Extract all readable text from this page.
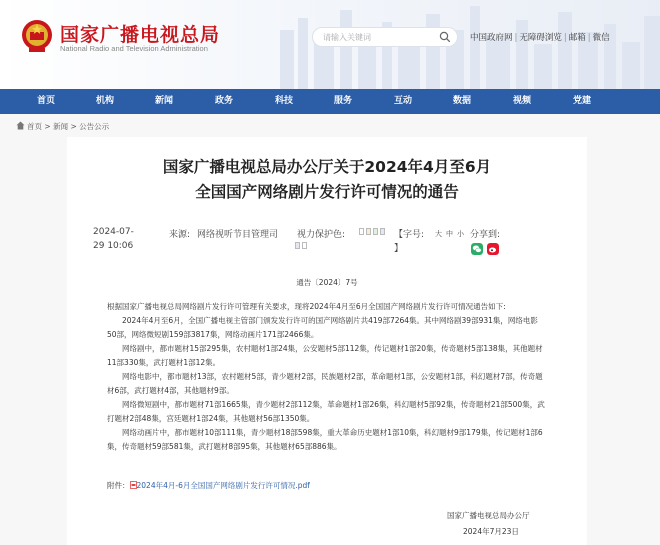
国家广播电视总局
National Radio and Television Administration
请输入关键词
中国政府网 | 无障碍浏览 | 邮箱 | 微信
首页	机构	新闻	政务	科技	服务	互动	数据	视频	党建
首页 > 新闻 > 公告公示
国家广播电视总局办公厅关于2024年4月至6月
全国国产网络剧片发行许可情况的通告
2024-07-
29 10:06
来源: 网络视听节目管理司 视力保护色:	【字号: 大 中 小
】
分享到:
通告〔2024〕7号
根据国家广播电视总局网络剧片发行许可管理有关要求，现将2024年4月至6月全国国产网络剧片发行许可情况通告如下:
2024年4月至6月，全国广播电视主管部门颁发发行许可的国产网络剧片共419部7264集。其中网络剧39部931集，网络电影50部，网络微短剧159部3817集，网络动画片171部2466集。
网络剧中，都市题材15部295集，农村题材1部24集，公安题材5部112集，传记题材1部20集，传奇题材5部138集，其他题材11部330集，武打题材1部12集。
网络电影中，都市题材13部，农村题材5部，青少题材2部，民族题材2部，革命题材1部，公安题材1部，科幻题材7部，传奇题材6部，武打题材4部，其他题材9部。
网络微短剧中，都市题材71部1665集，青少题材2部112集，革命题材1部26集，科幻题材5部92集，传奇题材21部500集，武打题材2部48集，宫廷题材1部24集，其他题材56部1350集。
网络动画片中，都市题材10部111集，青少题材18部598集，重大革命历史题材1部10集，科幻题材9部179集，传记题材1部6集，传奇题材59部581集，武打题材8部95集，其他题材65部886集。
附件： 2024年4月-6月全国国产网络剧片发行许可情况.pdf
国家广播电视总局办公厅
2024年7月23日
